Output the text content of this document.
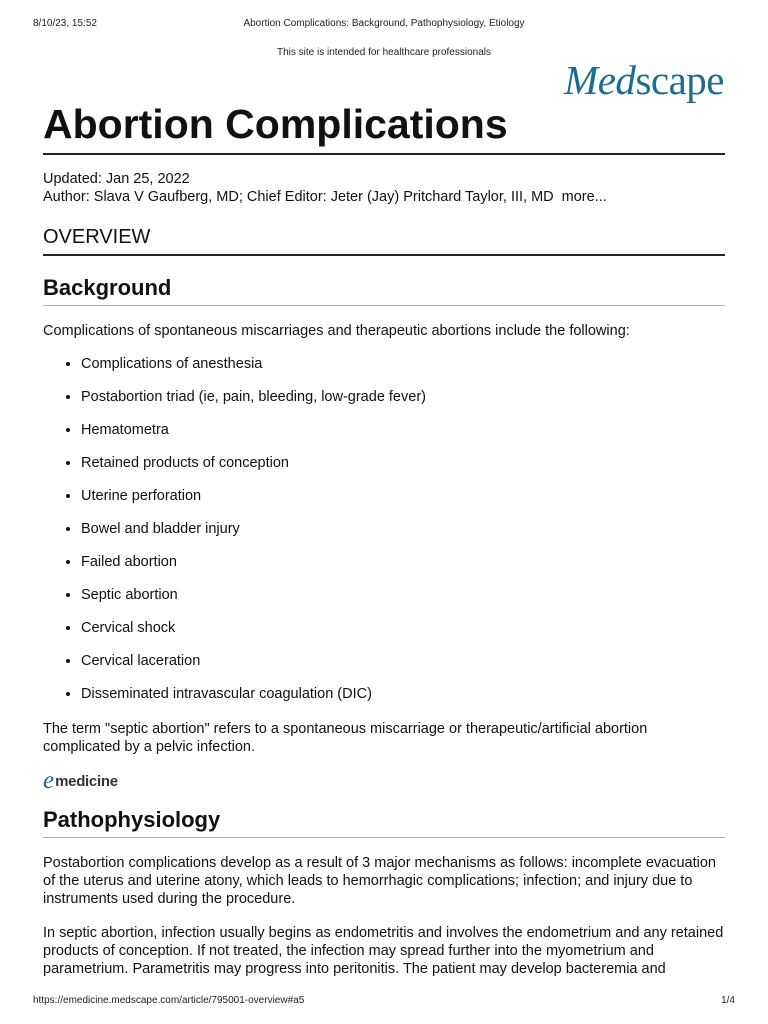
8/10/23, 15:52	Abortion Complications: Background, Pathophysiology, Etiology
This site is intended for healthcare professionals
Medscape
Abortion Complications
Updated: Jan 25, 2022
Author: Slava V Gaufberg, MD; Chief Editor: Jeter (Jay) Pritchard Taylor, III, MD more...
OVERVIEW
Background

Complications of spontaneous miscarriages and therapeutic abortions include the following:

• Complications of anesthesia
• Postabortion triad (ie, pain, bleeding, low-grade fever)
• Hematometra
• Retained products of conception
• Uterine perforation
• Bowel and bladder injury
• Failed abortion
• Septic abortion
• Cervical shock
• Cervical laceration
• Disseminated intravascular coagulation (DIC)

The term "septic abortion" refers to a spontaneous miscarriage or therapeutic/artificial abortion complicated by a pelvic infection.

e medicine
Pathophysiology

Postabortion complications develop as a result of 3 major mechanisms as follows: incomplete evacuation of the uterus and uterine atony, which leads to hemorrhagic complications; infection; and injury due to instruments used during the procedure.

In septic abortion, infection usually begins as endometritis and involves the endometrium and any retained products of conception. If not treated, the infection may spread further into the myometrium and parametrium. Parametritis may progress into peritonitis. The patient may develop bacteremia and

https://emedicine.medscape.com/article/795001-overview#a5	1/4
